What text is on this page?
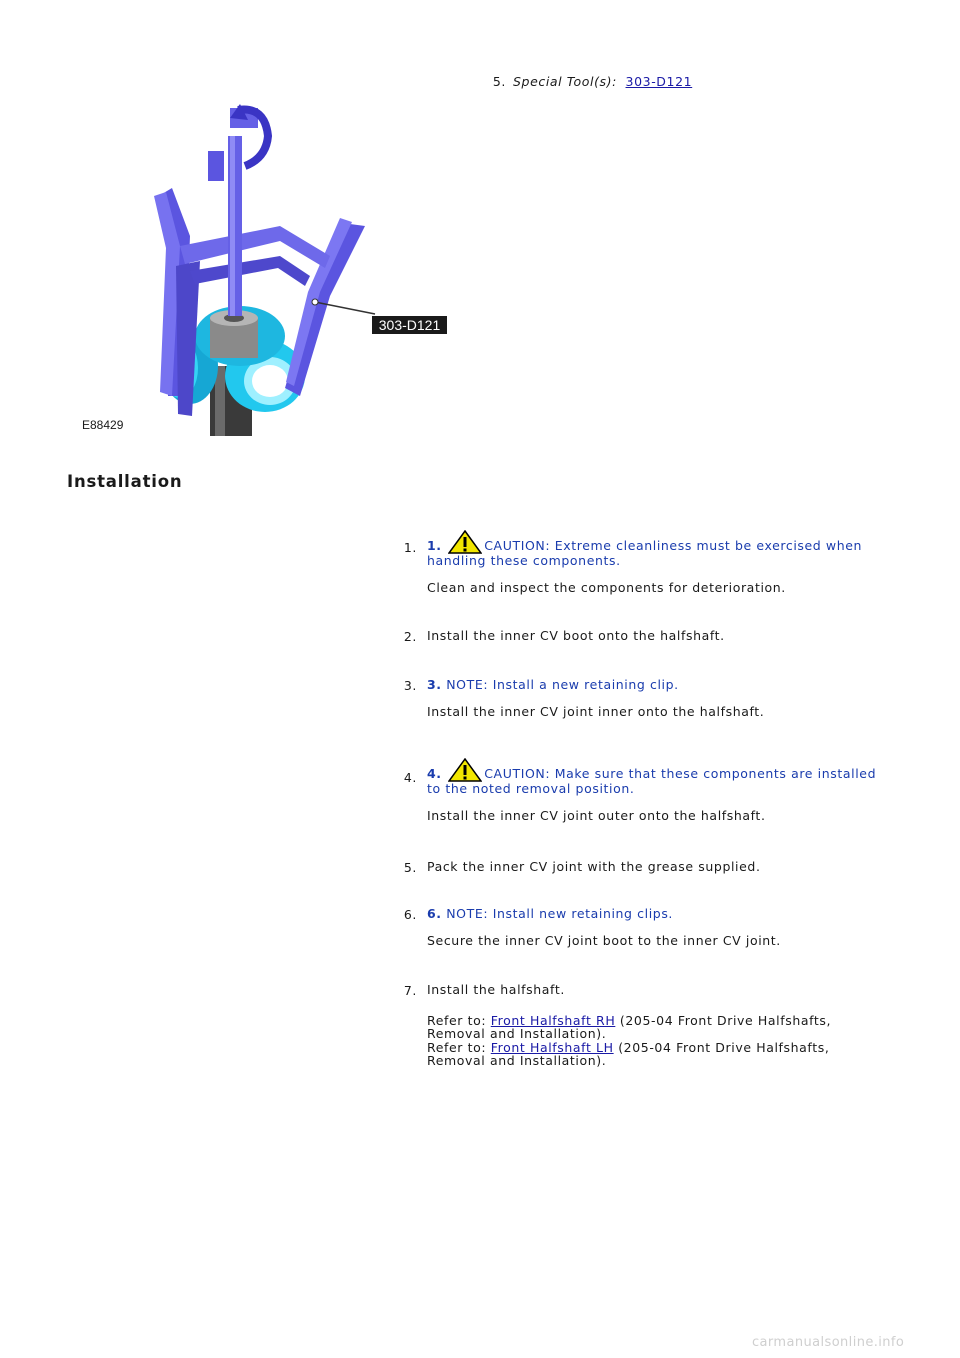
5. Special Tool(s): 303-D121
303-D121
E88429
Installation
1. 1.	CAUTION: Extreme cleanliness must be exercised when handling these components.
Clean and inspect the components for deterioration.
2. Install the inner CV boot onto the halfshaft.
3. 3. NOTE: Install a new retaining clip.
Install the inner CV joint inner onto the halfshaft.
4. 4.	CAUTION: Make sure that these components are installed to the noted removal position.
Install the inner CV joint outer onto the halfshaft.
5. Pack the inner CV joint with the grease supplied.
6. 6. NOTE: Install new retaining clips.
Secure the inner CV joint boot to the inner CV joint.
7. Install the halfshaft.
Refer to: Front Halfshaft RH (205-04 Front Drive Halfshafts, Removal and Installation).
Refer to: Front Halfshaft LH (205-04 Front Drive Halfshafts, Removal and Installation).
carmanualsonline.info
